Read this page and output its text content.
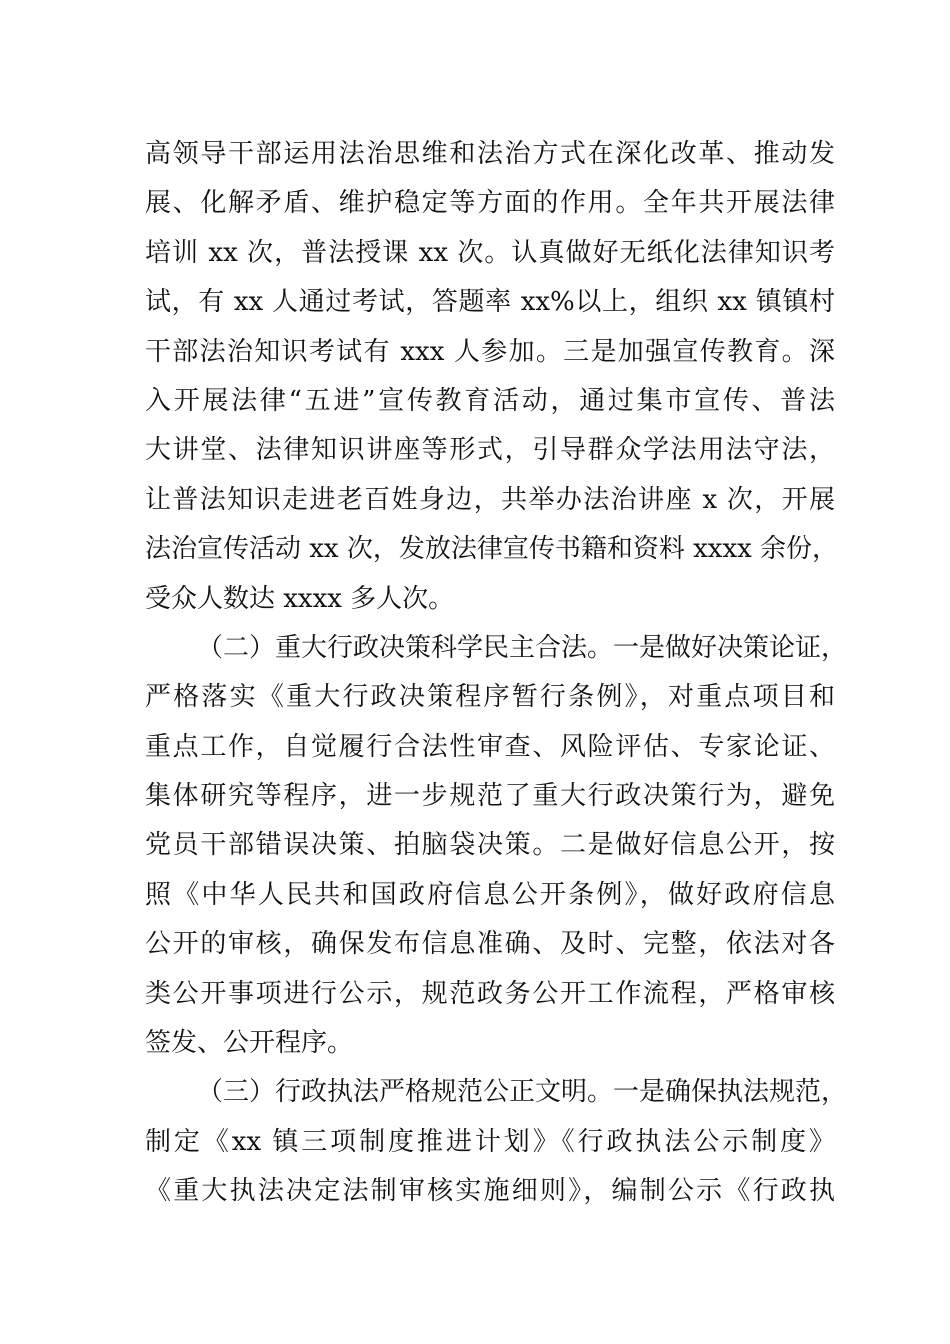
高领导干部运用法治思维和法治方式在深化改革、推动发
展、化解矛盾、维护稳定等方面的作用。全年共开展法律
培训 xx 次，普法授课 xx 次。认真做好无纸化法律知识考
试，有 xx 人通过考试，答题率 xx%以上，组织 xx 镇镇村
干部法治知识考试有 xxx 人参加。三是加强宣传教育。深
入开展法律“五进”宣传教育活动，通过集市宣传、普法
大讲堂、法律知识讲座等形式，引导群众学法用法守法，
让普法知识走进老百姓身边，共举办法治讲座 x 次，开展
法治宣传活动 xx 次，发放法律宣传书籍和资料 xxxx 余份，
受众人数达 xxxx 多人次。
（二）重大行政决策科学民主合法。一是做好决策论证，
严格落实《重大行政决策程序暂行条例》，对重点项目和
重点工作，自觉履行合法性审查、风险评估、专家论证、
集体研究等程序，进一步规范了重大行政决策行为，避免
党员干部错误决策、拍脑袋决策。二是做好信息公开，按
照《中华人民共和国政府信息公开条例》，做好政府信息
公开的审核，确保发布信息准确、及时、完整，依法对各
类公开事项进行公示，规范政务公开工作流程，严格审核
签发、公开程序。
（三）行政执法严格规范公正文明。一是确保执法规范，
制定《xx 镇三项制度推进计划》《行政执法公示制度》
《重大执法决定法制审核实施细则》，编制公示《行政执
